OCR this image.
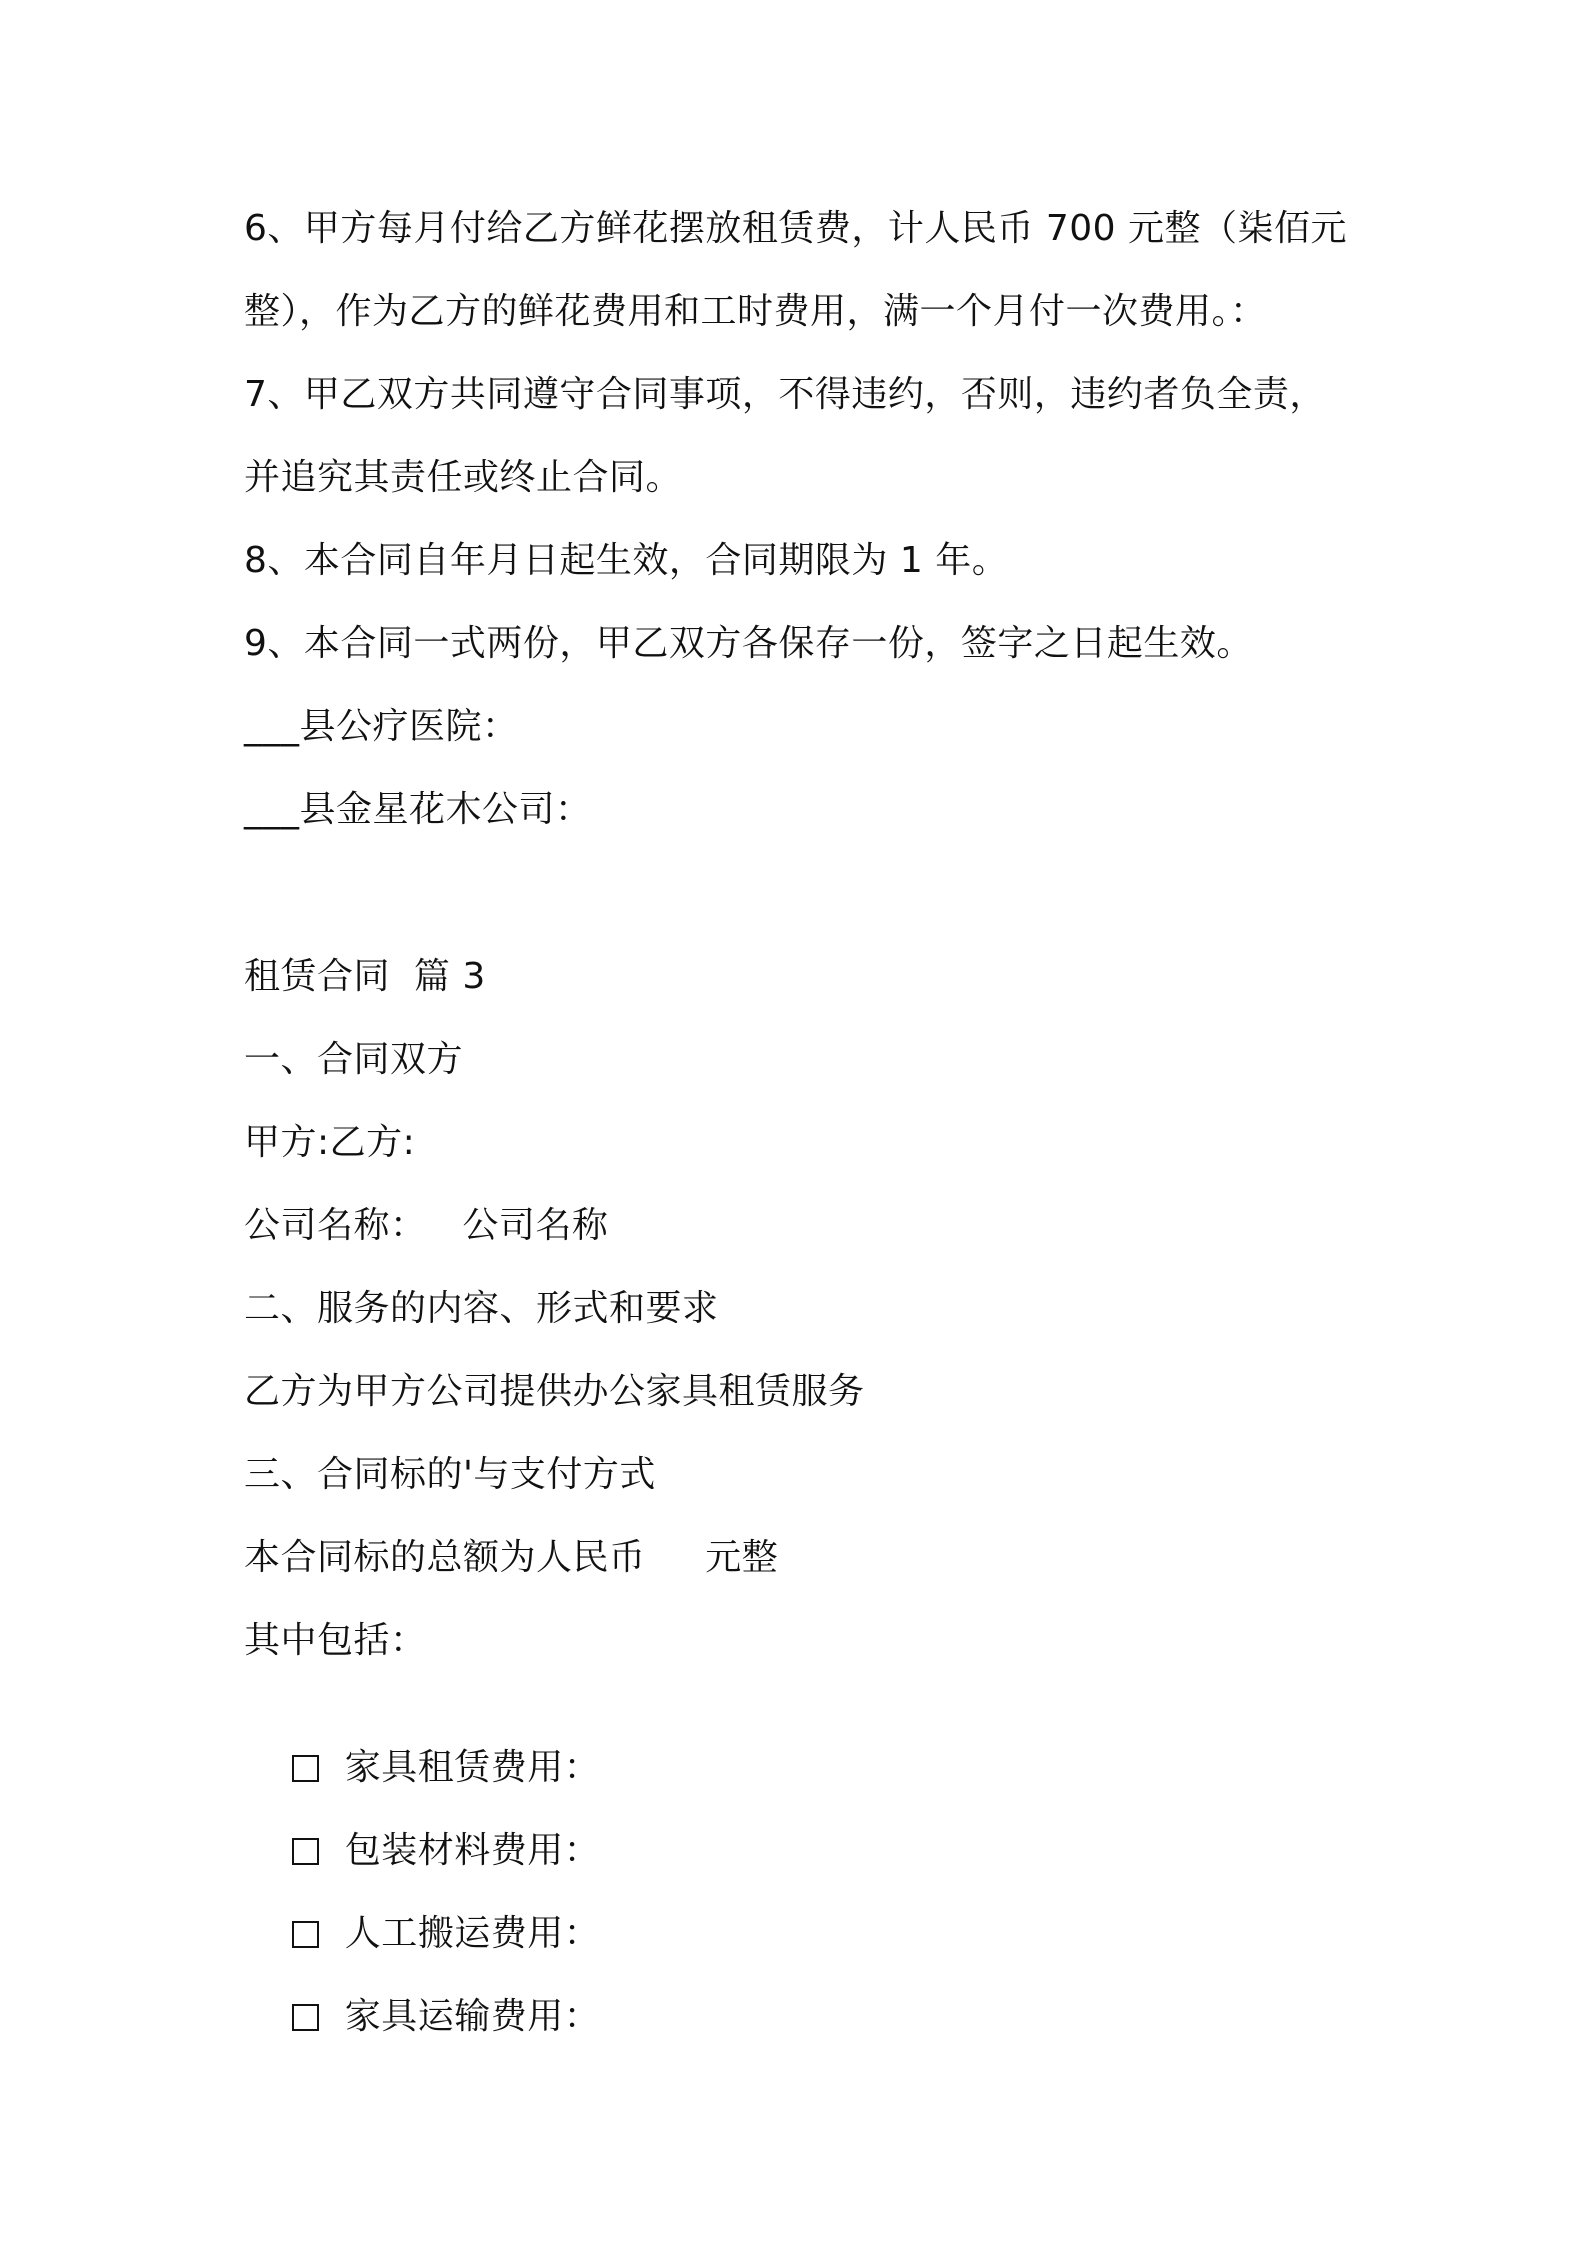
6、甲方每月付给乙方鲜花摆放租赁费，计人民币 700 元整（柒佰元
整），作为乙方的鲜花费用和工时费用，满一个月付一次费用。：
7、甲乙双方共同遵守合同事项，不得违约，否则，违约者负全责，
并追究其责任或终止合同。
8、本合同自年月日起生效，合同期限为 1 年。
9、本合同一式两份，甲乙双方各保存一份，签字之日起生效。
___县公疗医院：
___县金星花木公司：
租赁合同  篇 3
一、合同双方
甲方:乙方:
公司名称：   公司名称
二、服务的内容、形式和要求
乙方为甲方公司提供办公家具租赁服务
三、合同标的'与支付方式
本合同标的总额为人民币     元整
其中包括：

家具租赁费用：

包装材料费用：

人工搬运费用：

家具运输费用：
